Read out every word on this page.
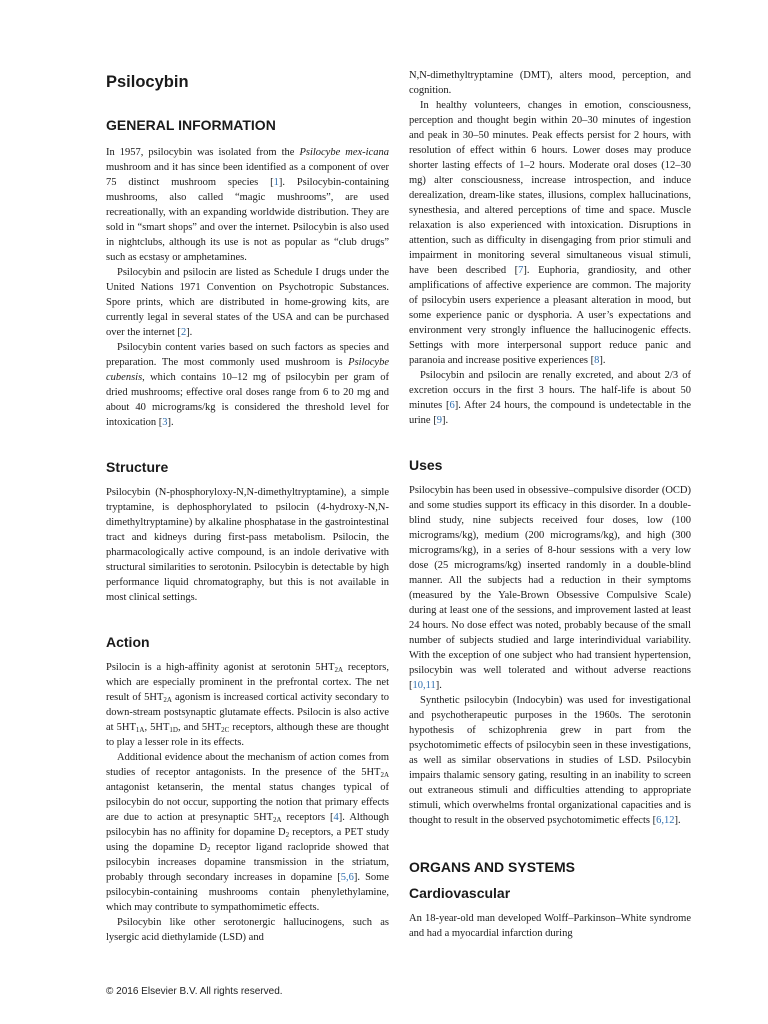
Psilocybin
GENERAL INFORMATION

In 1957, psilocybin was isolated from the Psilocybe mex-icana mushroom and it has since been identified as a component of over 75 distinct mushroom species [1]. Psilocybin-containing mushrooms, also called “magic mushrooms”, are used recreationally, with an expanding worldwide distribution. They are sold in “smart shops” and over the internet. Psilocybin is also used in nightclubs, although its use is not as popular as “club drugs” such as ecstasy or amphetamines.

Psilocybin and psilocin are listed as Schedule I drugs under the United Nations 1971 Convention on Psychotropic Substances. Spore prints, which are distributed in home-growing kits, are currently legal in several states of the USA and can be purchased over the internet [2].

Psilocybin content varies based on such factors as species and preparation. The most commonly used mushroom is Psilocybe cubensis, which contains 10–12 mg of psilocybin per gram of dried mushrooms; effective oral doses range from 6 to 20 mg and about 40 micrograms/kg is considered the threshold level for intoxication [3].

Structure

Psilocybin (N-phosphoryloxy-N,N-dimethyltryptamine), a simple tryptamine, is dephosphorylated to psilocin (4-hydroxy-N,N-dimethyltryptamine) by alkaline phosphatase in the gastrointestinal tract and kidneys during first-pass metabolism. Psilocin, the pharmacologically active compound, is an indole derivative with structural similarities to serotonin. Psilocybin is detectable by high performance liquid chromatography, but this is not available in most clinical settings.

Action

Psilocin is a high-affinity agonist at serotonin $5HT_{2A}$ receptors, which are especially prominent in the prefrontal cortex. The net result of $5HT_{2A}$ agonism is increased cortical activity secondary to down-stream postsynaptic glutamate effects. Psilocin is also active at $5HT_{1A}$, $5HT_{1D}$, and $5HT_{2C}$ receptors, although these are thought to play a lesser role in its effects.

Additional evidence about the mechanism of action comes from studies of receptor antagonists. In the presence of the $5HT_{2A}$ antagonist ketanserin, the mental status changes typical of psilocybin do not occur, supporting the notion that primary effects are due to action at presynaptic $5HT_{2A}$ receptors [4]. Although psilocybin has no affinity for dopamine $D_2$ receptors, a PET study using the dopamine $D_2$ receptor ligand raclopride showed that psilocybin increases dopamine transmission in the striatum, probably through secondary increases in dopamine [5,6]. Some psilocybin-containing mushrooms contain phenylethylamine, which may contribute to sympathomimetic effects.

Psilocybin like other serotonergic hallucinogens, such as lysergic acid diethylamide (LSD) and

N,N-dimethyltryptamine (DMT), alters mood, perception, and cognition.

In healthy volunteers, changes in emotion, consciousness, perception and thought begin within 20–30 minutes of ingestion and peak in 30–50 minutes. Peak effects persist for 2 hours, with resolution of effect within 6 hours. Lower doses may produce shorter lasting effects of 1–2 hours. Moderate oral doses (12–30 mg) alter consciousness, increase introspection, and induce derealization, dream-like states, illusions, complex hallucinations, synesthesia, and altered perceptions of time and space. Muscle relaxation is also experienced with intoxication. Disruptions in attention, such as difficulty in disengaging from prior stimuli and impairment in monitoring several simultaneous visual stimuli, have been described [7]. Euphoria, grandiosity, and other amplifications of affective experience are common. The majority of psilocybin users experience a pleasant alteration in mood, but some experience panic or dysphoria. A user’s expectations and environment very strongly influence the hallucinogenic effects. Settings with more interpersonal support reduce panic and paranoia and increase positive experiences [8].

Psilocybin and psilocin are renally excreted, and about 2/3 of excretion occurs in the first 3 hours. The half-life is about 50 minutes [6]. After 24 hours, the compound is undetectable in the urine [9].

Uses

Psilocybin has been used in obsessive–compulsive disorder (OCD) and some studies support its efficacy in this disorder. In a double-blind study, nine subjects received four doses, low (100 micrograms/kg), medium (200 micrograms/kg), and high (300 micrograms/kg), in a series of 8-hour sessions with a very low dose (25 micrograms/kg) inserted randomly in a double-blind manner. All the subjects had a reduction in their symptoms (measured by the Yale-Brown Obsessive Compulsive Scale) during at least one of the sessions, and improvement lasted at least 24 hours. No dose effect was noted, probably because of the small number of subjects studied and large interindividual variability. With the exception of one subject who had transient hypertension, psilocybin was well tolerated and without adverse reactions [10,11].

Synthetic psilocybin (Indocybin) was used for investigational and psychotherapeutic purposes in the 1960s. The serotonin hypothesis of schizophrenia grew in part from the psychotomimetic effects of psilocybin seen in these investigations, as well as similar observations in studies of LSD. Psilocybin impairs thalamic sensory gating, resulting in an inability to screen out extraneous stimuli and difficulties attending to appropriate stimuli, which overwhelms frontal organizational capacities and is thought to result in the observed psychotomimetic effects [6,12].

ORGANS AND SYSTEMS
Cardiovascular

An 18-year-old man developed Wolff–Parkinson–White syndrome and had a myocardial infarction during

© 2016 Elsevier B.V. All rights reserved.
